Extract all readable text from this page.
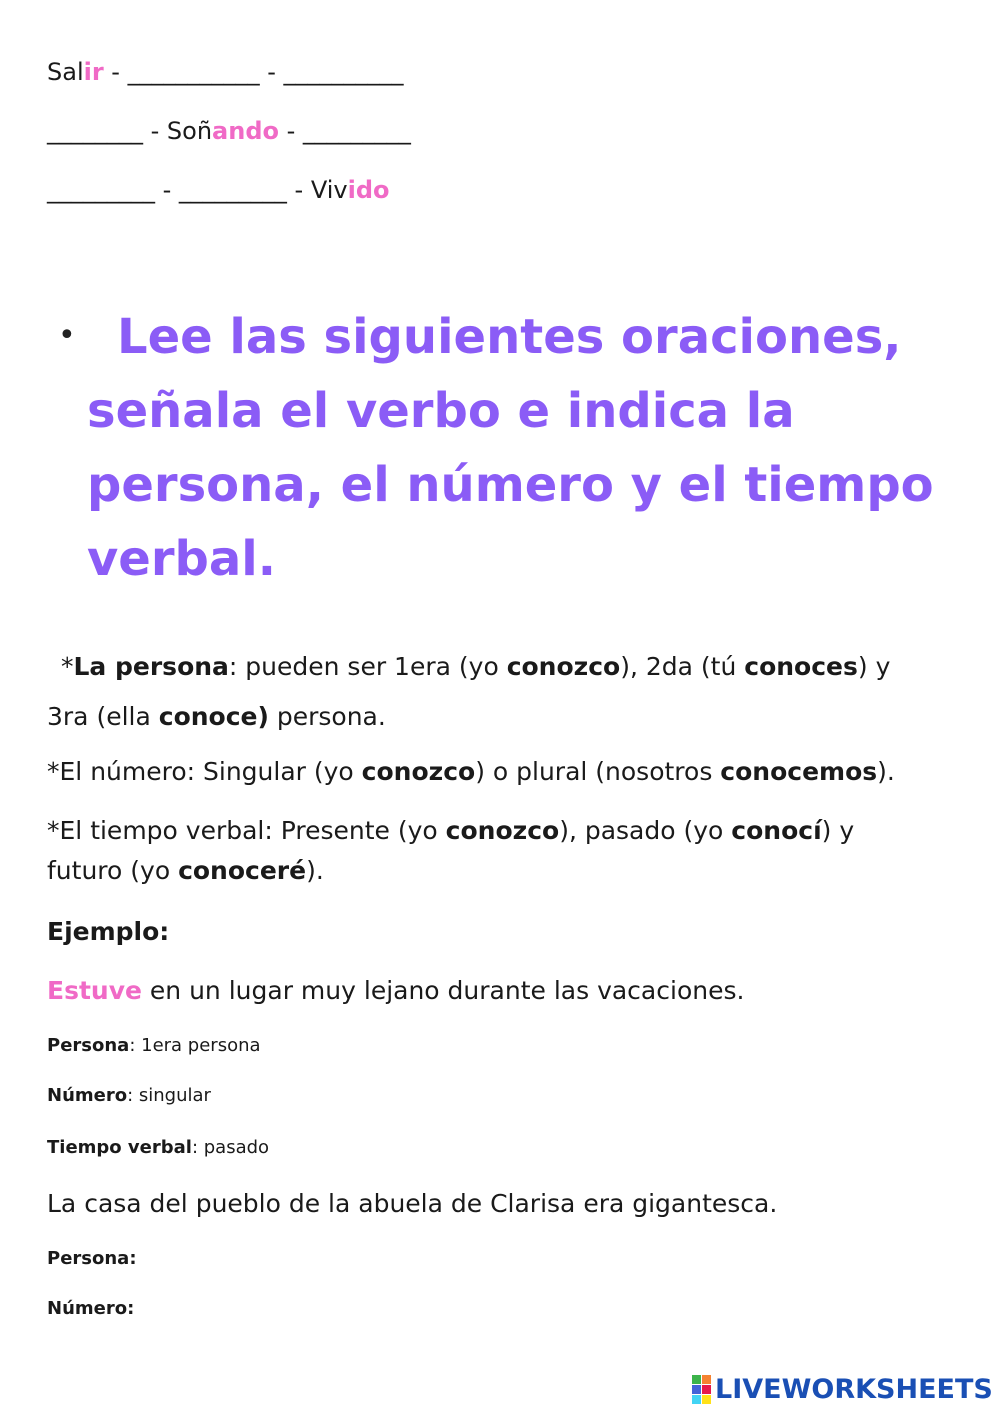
Salir - ___________ - __________
________ - Soñando - _________
_________ - _________ - Vivido
• Lee las siguientes oraciones, señala el verbo e indica la persona, el número y el tiempo verbal.
*La persona: pueden ser 1era (yo conozco), 2da (tú conoces) y 3ra (ella conoce) persona.
*El número: Singular (yo conozco) o plural (nosotros conocemos).
*El tiempo verbal: Presente (yo conozco), pasado (yo conocí) y futuro (yo conoceré).
Ejemplo:
Estuve en un lugar muy lejano durante las vacaciones.
Persona: 1era persona
Número: singular
Tiempo verbal: pasado
La casa del pueblo de la abuela de Clarisa era gigantesca.
Persona:
Número:
LIVEWORKSHEETS
